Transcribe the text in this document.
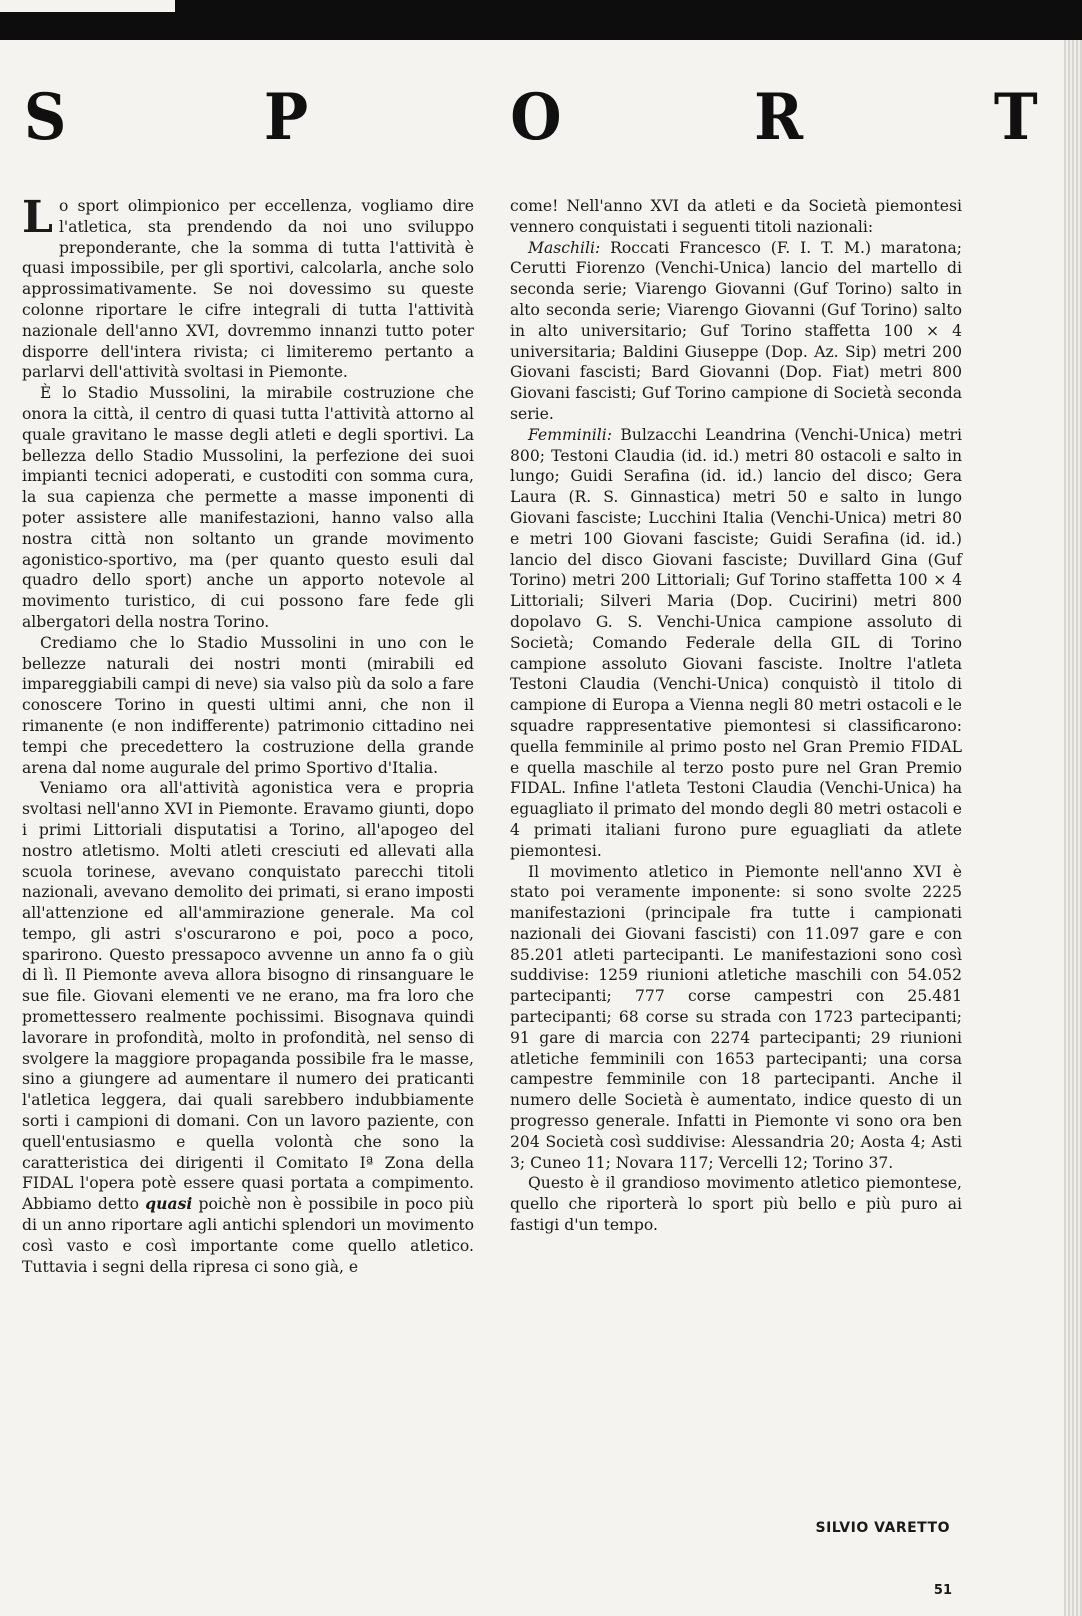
S	P	O	R	T

Lo sport olimpionico per eccellenza, vogliamo dire l'atletica, sta prendendo da noi uno sviluppo preponderante, che la somma di tutta l'attività è quasi impossibile, per gli sportivi, calcolarla, anche solo approssimativamente. Se noi dovessimo su queste colonne riportare le cifre integrali di tutta l'attività nazionale dell'anno XVI, dovremmo innanzi tutto poter disporre dell'intera rivista; ci limiteremo pertanto a parlarvi dell'attività svoltasi in Piemonte.

È lo Stadio Mussolini, la mirabile costruzione che onora la città, il centro di quasi tutta l'attività attorno al quale gravitano le masse degli atleti e degli sportivi. La bellezza dello Stadio Mussolini, la perfezione dei suoi impianti tecnici adoperati, e custoditi con somma cura, la sua capienza che permette a masse imponenti di poter assistere alle manifestazioni, hanno valso alla nostra città non soltanto un grande movimento agonistico-sportivo, ma (per quanto questo esuli dal quadro dello sport) anche un apporto notevole al movimento turistico, di cui possono fare fede gli albergatori della nostra Torino.

Crediamo che lo Stadio Mussolini in uno con le bellezze naturali dei nostri monti (mirabili ed impareggiabili campi di neve) sia valso più da solo a fare conoscere Torino in questi ultimi anni, che non il rimanente (e non indifferente) patrimonio cittadino nei tempi che precedettero la costruzione della grande arena dal nome augurale del primo Sportivo d'Italia.

Veniamo ora all'attività agonistica vera e propria svoltasi nell'anno XVI in Piemonte. Eravamo giunti, dopo i primi Littoriali disputatisi a Torino, all'apogeo del nostro atletismo. Molti atleti cresciuti ed allevati alla scuola torinese, avevano conquistato parecchi titoli nazionali, avevano demolito dei primati, si erano imposti all'attenzione ed all'ammirazione generale. Ma col tempo, gli astri s'oscurarono e poi, poco a poco, sparirono. Questo pressapoco avvenne un anno fa o giù di lì. Il Piemonte aveva allora bisogno di rinsanguare le sue file. Giovani elementi ve ne erano, ma fra loro che promettessero realmente pochissimi. Bisognava quindi lavorare in profondità, molto in profondità, nel senso di svolgere la maggiore propaganda possibile fra le masse, sino a giungere ad aumentare il numero dei praticanti l'atletica leggera, dai quali sarebbero indubbiamente sorti i campioni di domani. Con un lavoro paziente, con quell'entusiasmo e quella volontà che sono la caratteristica dei dirigenti il Comitato Iª Zona della FIDAL l'opera potè essere quasi portata a compimento. Abbiamo detto quasi poichè non è possibile in poco più di un anno riportare agli antichi splendori un movimento così vasto e così importante come quello atletico. Tuttavia i segni della ripresa ci sono già, e

come! Nell'anno XVI da atleti e da Società piemontesi vennero conquistati i seguenti titoli nazionali:

Maschili: Roccati Francesco (F. I. T. M.) maratona; Cerutti Fiorenzo (Venchi-Unica) lancio del martello di seconda serie; Viarengo Giovanni (Guf Torino) salto in alto seconda serie; Viarengo Giovanni (Guf Torino) salto in alto universitario; Guf Torino staffetta 100 × 4 universitaria; Baldini Giuseppe (Dop. Az. Sip) metri 200 Giovani fascisti; Bard Giovanni (Dop. Fiat) metri 800 Giovani fascisti; Guf Torino campione di Società seconda serie.

Femminili: Bulzacchi Leandrina (Venchi-Unica) metri 800; Testoni Claudia (id. id.) metri 80 ostacoli e salto in lungo; Guidi Serafina (id. id.) lancio del disco; Gera Laura (R. S. Ginnastica) metri 50 e salto in lungo Giovani fasciste; Lucchini Italia (Venchi-Unica) metri 80 e metri 100 Giovani fasciste; Guidi Serafina (id. id.) lancio del disco Giovani fasciste; Duvillard Gina (Guf Torino) metri 200 Littoriali; Guf Torino staffetta 100 × 4 Littoriali; Silveri Maria (Dop. Cucirini) metri 800 dopolavo G. S. Venchi-Unica campione assoluto di Società; Comando Federale della GIL di Torino campione assoluto Giovani fasciste. Inoltre l'atleta Testoni Claudia (Venchi-Unica) conquistò il titolo di campione di Europa a Vienna negli 80 metri ostacoli e le squadre rappresentative piemontesi si classificarono: quella femminile al primo posto nel Gran Premio FIDAL e quella maschile al terzo posto pure nel Gran Premio FIDAL. Infine l'atleta Testoni Claudia (Venchi-Unica) ha eguagliato il primato del mondo degli 80 metri ostacoli e 4 primati italiani furono pure eguagliati da atlete piemontesi.

Il movimento atletico in Piemonte nell'anno XVI è stato poi veramente imponente: si sono svolte 2225 manifestazioni (principale fra tutte i campionati nazionali dei Giovani fascisti) con 11.097 gare e con 85.201 atleti partecipanti. Le manifestazioni sono così suddivise: 1259 riunioni atletiche maschili con 54.052 partecipanti; 777 corse campestri con 25.481 partecipanti; 68 corse su strada con 1723 partecipanti; 91 gare di marcia con 2274 partecipanti; 29 riunioni atletiche femminili con 1653 partecipanti; una corsa campestre femminile con 18 partecipanti. Anche il numero delle Società è aumentato, indice questo di un progresso generale. Infatti in Piemonte vi sono ora ben 204 Società così suddivise: Alessandria 20; Aosta 4; Asti 3; Cuneo 11; Novara 117; Vercelli 12; Torino 37.

Questo è il grandioso movimento atletico piemontese, quello che riporterà lo sport più bello e più puro ai fastigi d'un tempo.

SILVIO VARETTO
51
